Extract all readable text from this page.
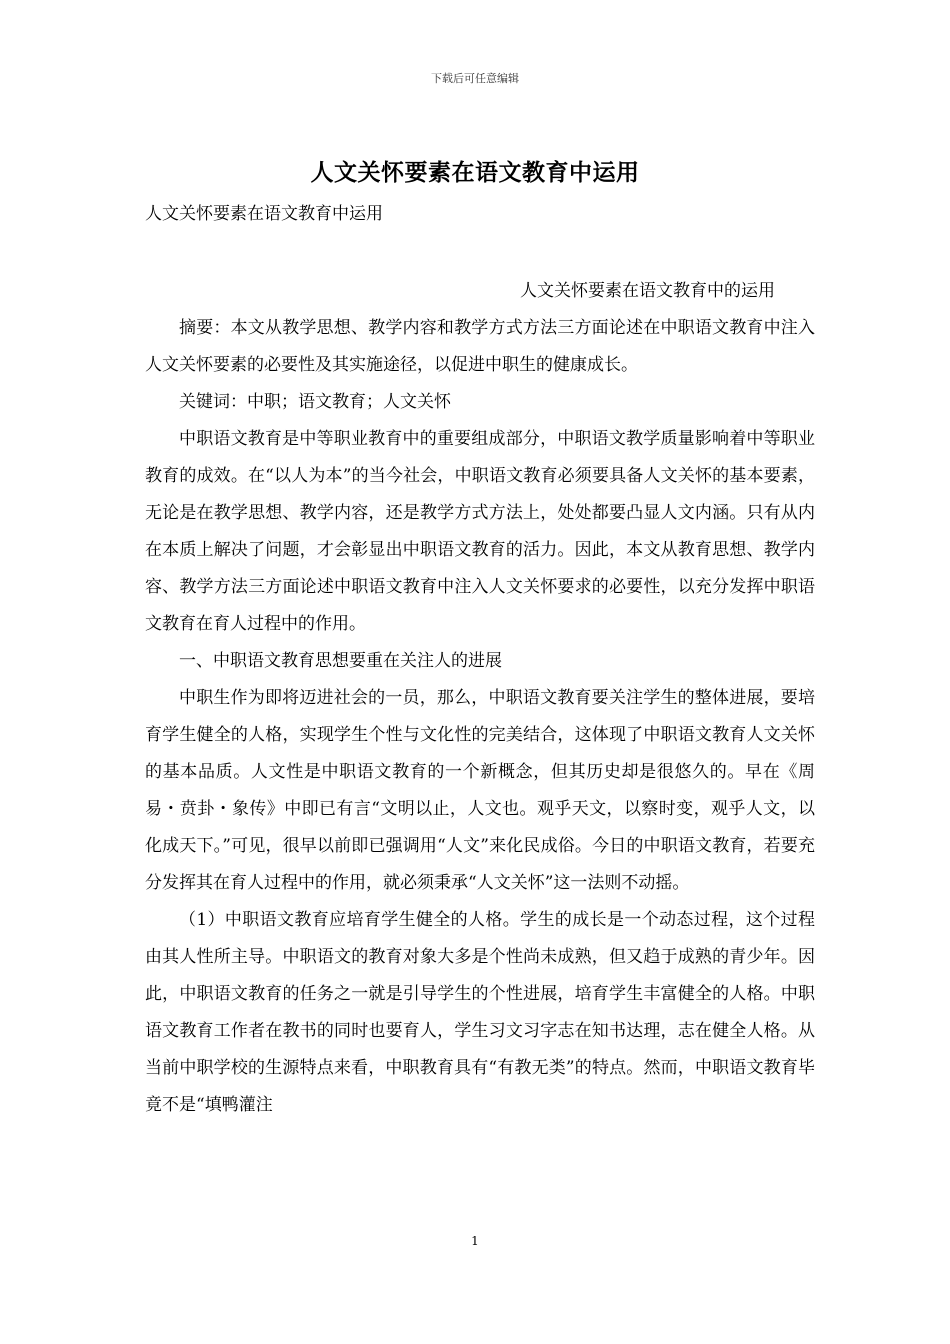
下载后可任意编辑
人文关怀要素在语文教育中运用

人文关怀要素在语文教育中运用

人文关怀要素在语文教育中的运用

摘要：本文从教学思想、教学内容和教学方式方法三方面论述在中职语文教育中注入人文关怀要素的必要性及其实施途径，以促进中职生的健康成长。

关键词：中职；语文教育；人文关怀

中职语文教育是中等职业教育中的重要组成部分，中职语文教学质量影响着中等职业教育的成效。在“以人为本”的当今社会，中职语文教育必须要具备人文关怀的基本要素，无论是在教学思想、教学内容，还是教学方式方法上，处处都要凸显人文内涵。只有从内在本质上解决了问题，才会彰显出中职语文教育的活力。因此，本文从教育思想、教学内容、教学方法三方面论述中职语文教育中注入人文关怀要求的必要性，以充分发挥中职语文教育在育人过程中的作用。

一、中职语文教育思想要重在关注人的进展

中职生作为即将迈进社会的一员，那么，中职语文教育要关注学生的整体进展，要培育学生健全的人格，实现学生个性与文化性的完美结合，这体现了中职语文教育人文关怀的基本品质。人文性是中职语文教育的一个新概念，但其历史却是很悠久的。早在《周易・贲卦・象传》中即已有言“文明以止，人文也。观乎天文，以察时变，观乎人文，以化成天下。”可见，很早以前即已强调用“人文”来化民成俗。今日的中职语文教育，若要充分发挥其在育人过程中的作用，就必须秉承“人文关怀”这一法则不动摇。

（1）中职语文教育应培育学生健全的人格。学生的成长是一个动态过程，这个过程由其人性所主导。中职语文的教育对象大多是个性尚未成熟，但又趋于成熟的青少年。因此，中职语文教育的任务之一就是引导学生的个性进展，培育学生丰富健全的人格。中职语文教育工作者在教书的同时也要育人，学生习文习字志在知书达理，志在健全人格。从当前中职学校的生源特点来看，中职教育具有“有教无类”的特点。然而，中职语文教育毕竟不是“填鸭灌注

1
